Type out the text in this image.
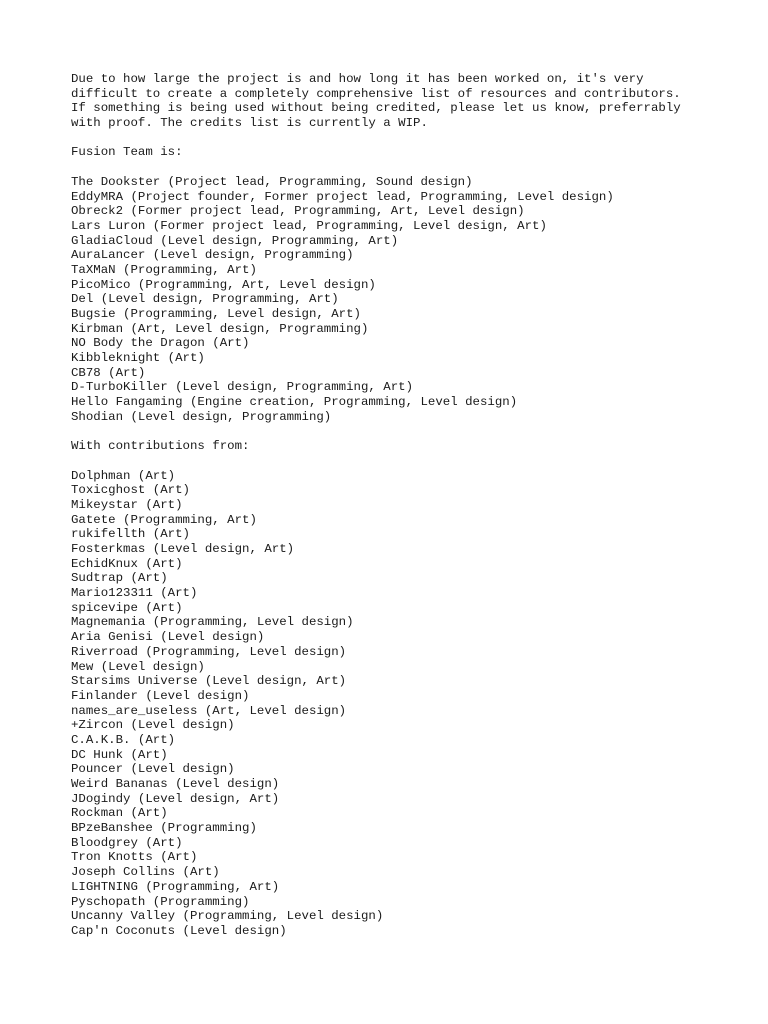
Due to how large the project is and how long it has been worked on, it's very
difficult to create a completely comprehensive list of resources and contributors.
If something is being used without being credited, please let us know, preferrably
with proof. The credits list is currently a WIP.
Fusion Team is:
The Dookster (Project lead, Programming, Sound design)
EddyMRA (Project founder, Former project lead, Programming, Level design)
Obreck2 (Former project lead, Programming, Art, Level design)
Lars Luron (Former project lead, Programming, Level design, Art)
GladiaCloud (Level design, Programming, Art)
AuraLancer (Level design, Programming)
TaXMaN (Programming, Art)
PicoMico (Programming, Art, Level design)
Del (Level design, Programming, Art)
Bugsie (Programming, Level design, Art)
Kirbman (Art, Level design, Programming)
NO Body the Dragon (Art)
Kibbleknight (Art)
CB78 (Art)
D-TurboKiller (Level design, Programming, Art)
Hello Fangaming (Engine creation, Programming, Level design)
Shodian (Level design, Programming)
With contributions from:
Dolphman (Art)
Toxicghost (Art)
Mikeystar (Art)
Gatete (Programming, Art)
rukifellth (Art)
Fosterkmas (Level design, Art)
EchidKnux (Art)
Sudtrap (Art)
Mario123311 (Art)
spicevipe (Art)
Magnemania (Programming, Level design)
Aria Genisi (Level design)
Riverroad (Programming, Level design)
Mew (Level design)
Starsims Universe (Level design, Art)
Finlander (Level design)
names_are_useless (Art, Level design)
+Zircon (Level design)
C.A.K.B. (Art)
DC Hunk (Art)
Pouncer (Level design)
Weird Bananas (Level design)
JDogindy (Level design, Art)
Rockman (Art)
BPzeBanshee (Programming)
Bloodgrey (Art)
Tron Knotts (Art)
Joseph Collins (Art)
LIGHTNING (Programming, Art)
Pyschopath (Programming)
Uncanny Valley (Programming, Level design)
Cap'n Coconuts (Level design)
